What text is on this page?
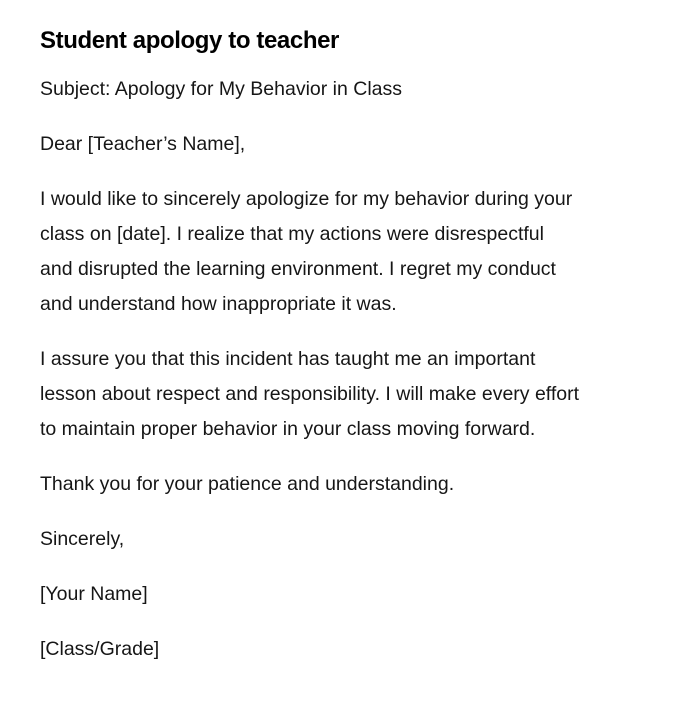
Student apology to teacher

Subject: Apology for My Behavior in Class

Dear [Teacher’s Name],

I would like to sincerely apologize for my behavior during your
class on [date]. I realize that my actions were disrespectful
and disrupted the learning environment. I regret my conduct
and understand how inappropriate it was.

I assure you that this incident has taught me an important
lesson about respect and responsibility. I will make every effort
to maintain proper behavior in your class moving forward.

Thank you for your patience and understanding.

Sincerely,

[Your Name]

[Class/Grade]
